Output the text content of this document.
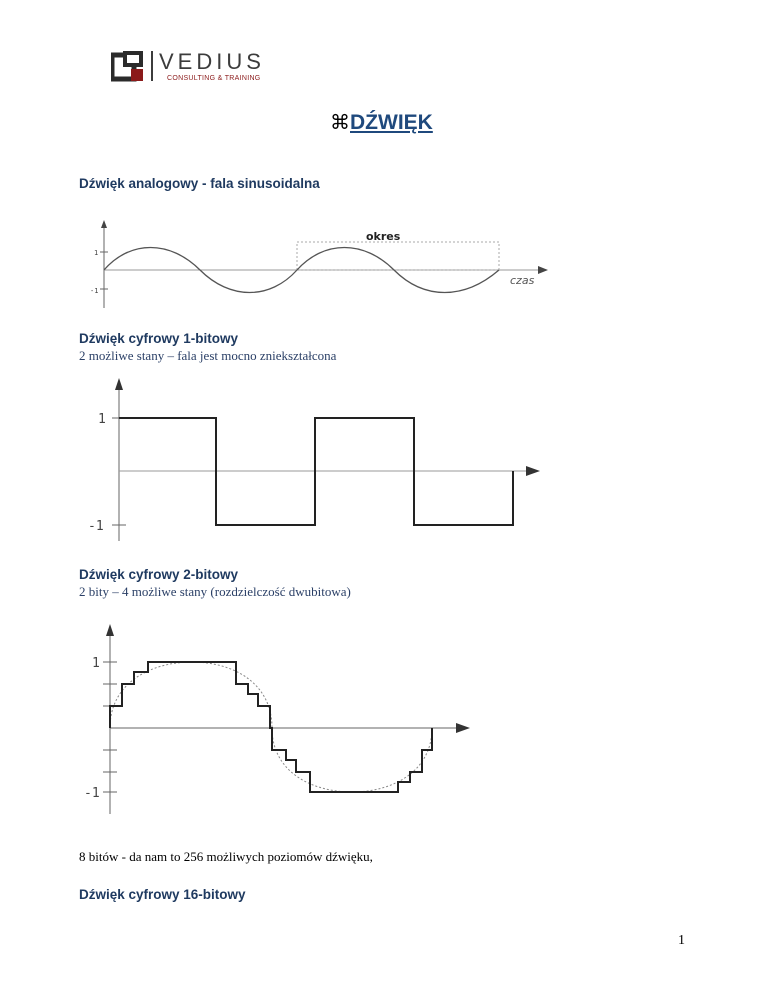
VEDIUS
CONSULTING & TRAINING
⌘DŹWIĘK
Dźwięk analogowy - fala sinusoidalna
1
-1
okres
czas
Dźwięk cyfrowy 1-bitowy
2 możliwe stany – fala jest mocno zniekształcona
1
-1
Dźwięk cyfrowy 2-bitowy
2 bity – 4 możliwe stany (rozdzielczość dwubitowa)
1
-1
8 bitów - da nam to 256 możliwych poziomów dźwięku,
Dźwięk cyfrowy 16-bitowy
1
